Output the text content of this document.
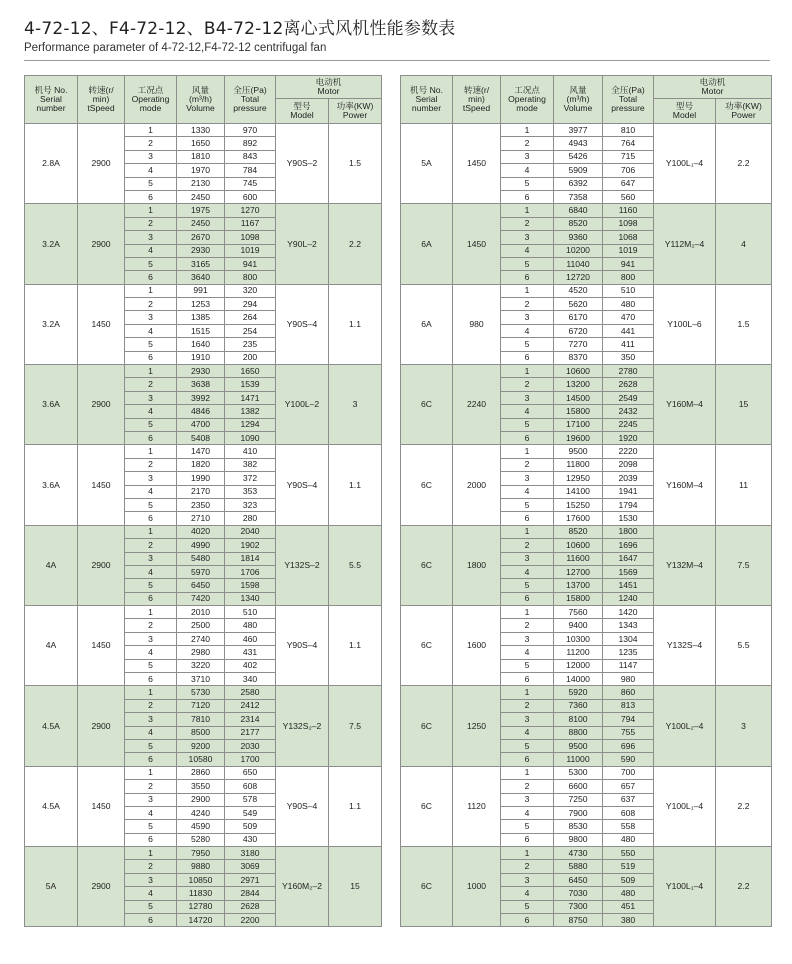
4-72-12、F4-72-12、B4-72-12离心式风机性能参数表
Performance parameter of 4-72-12,F4-72-12 centrifugal fan
机号 No.
Serial
number	转速(r/
min)
tSpeed	工况点
Operating
mode	风量
(m³/h)
Volume	全压(Pa)
Total
pressure	电动机
Motor	

					型号
Model	功率(KW)
Power

2.8A	2900	1	1330	970	Y90S–2	1.5
		2	1650	892		
		3	1810	843		
		4	1970	784		
		5	2130	745		
		6	2450	600		
3.2A	2900	1	1975	1270	Y90L–2	2.2
		2	2450	1167		
		3	2670	1098		
		4	2930	1019		
		5	3165	941		
		6	3640	800		
3.2A	1450	1	991	320	Y90S–4	1.1
		2	1253	294		
		3	1385	264		
		4	1515	254		
		5	1640	235		
		6	1910	200		
3.6A	2900	1	2930	1650	Y100L–2	3
		2	3638	1539		
		3	3992	1471		
		4	4846	1382		
		5	4700	1294		
		6	5408	1090		
3.6A	1450	1	1470	410	Y90S–4	1.1
		2	1820	382		
		3	1990	372		
		4	2170	353		
		5	2350	323		
		6	2710	280		
4A	2900	1	4020	2040	Y132S–2	5.5
		2	4990	1902		
		3	5480	1814		
		4	5970	1706		
		5	6450	1598		
		6	7420	1340		
4A	1450	1	2010	510	Y90S–4	1.1
		2	2500	480		
		3	2740	460		
		4	2980	431		
		5	3220	402		
		6	3710	340		
4.5A	2900	1	5730	2580	Y132S₂–2	7.5
		2	7120	2412		
		3	7810	2314		
		4	8500	2177		
		5	9200	2030		
		6	10580	1700		
4.5A	1450	1	2860	650	Y90S–4	1.1
		2	3550	608		
		3	2900	578		
		4	4240	549		
		5	4590	509		
		6	5280	430		
5A	2900	1	7950	3180	Y160M₂–2	15
		2	9880	3069		
		3	10850	2971		
		4	11830	2844		
		5	12780	2628		
		6	14720	2200		
机号 No.
Serial
number	转速(r/
min)
tSpeed	工况点
Operating
mode	风量
(m³/h)
Volume	全压(Pa)
Total
pressure	电动机
Motor	

					型号
Model	功率(KW)
Power

5A	1450	1	3977	810	Y100L₁–4	2.2
		2	4943	764		
		3	5426	715		
		4	5909	706		
		5	6392	647		
		6	7358	560		
6A	1450	1	6840	1160	Y112M₂–4	4
		2	8520	1098		
		3	9360	1068		
		4	10200	1019		
		5	11040	941		
		6	12720	800		
6A	980	1	4520	510	Y100L–6	1.5
		2	5620	480		
		3	6170	470		
		4	6720	441		
		5	7270	411		
		6	8370	350		
6C	2240	1	10600	2780	Y160M–4	15
		2	13200	2628		
		3	14500	2549		
		4	15800	2432		
		5	17100	2245		
		6	19600	1920		
6C	2000	1	9500	2220	Y160M–4	11
		2	11800	2098		
		3	12950	2039		
		4	14100	1941		
		5	15250	1794		
		6	17600	1530		
6C	1800	1	8520	1800	Y132M–4	7.5
		2	10600	1696		
		3	11600	1647		
		4	12700	1569		
		5	13700	1451		
		6	15800	1240		
6C	1600	1	7560	1420	Y132S–4	5.5
		2	9400	1343		
		3	10300	1304		
		4	11200	1235		
		5	12000	1147		
		6	14000	980		
6C	1250	1	5920	860	Y100L₂–4	3
		2	7360	813		
		3	8100	794		
		4	8800	755		
		5	9500	696		
		6	11000	590		
6C	1120	1	5300	700	Y100L₁–4	2.2
		2	6600	657		
		3	7250	637		
		4	7900	608		
		5	8530	558		
		6	9800	480		
6C	1000	1	4730	550	Y100L₁–4	2.2
		2	5880	519		
		3	6450	509		
		4	7030	480		
		5	7300	451		
		6	8750	380		
